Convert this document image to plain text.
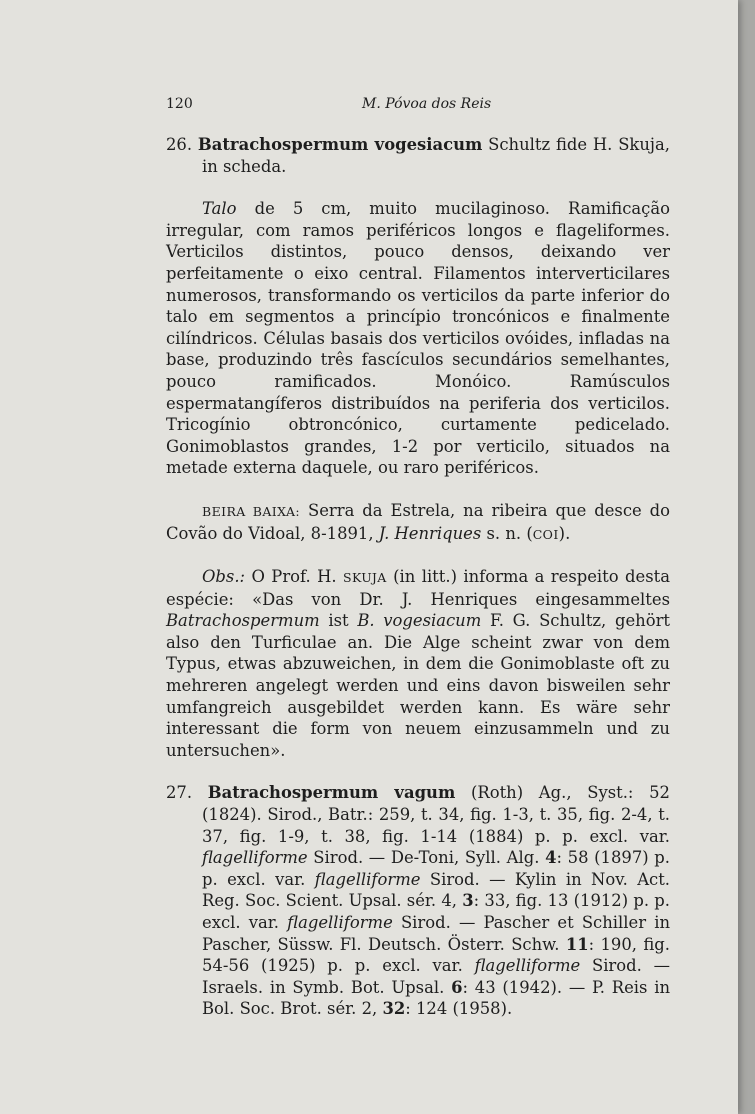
120	M. Póvoa dos Reis

26. Batrachospermum vogesiacum Schultz fide H. Skuja, in scheda.

Talo de 5 cm, muito mucilaginoso. Ramificação irregular, com ramos periféricos longos e flageliformes. Verticilos distintos, pouco densos, deixando ver perfeitamente o eixo central. Filamentos interverticilares numerosos, transformando os verticilos da parte inferior do talo em segmentos a princípio troncónicos e finalmente cilíndricos. Células basais dos verticilos ovóides, infladas na base, produzindo três fascículos secundários semelhantes, pouco ramificados. Monóico. Ramúsculos espermatangíferos distribuídos na periferia dos verticilos. Tricogínio obtroncónico, curtamente pedicelado. Gonimoblastos grandes, 1-2 por verticilo, situados na metade externa daquele, ou raro periféricos.

BEIRA BAIXA: Serra da Estrela, na ribeira que desce do Covão do Vidoal, 8-1891, J. Henriques s. n. (COI).

Obs.: O Prof. H. SKUJA (in litt.) informa a respeito desta espécie: «Das von Dr. J. Henriques eingesammeltes Batrachospermum ist B. vogesiacum F. G. Schultz, gehört also den Turficulae an. Die Alge scheint zwar von dem Typus, etwas abzuweichen, in dem die Gonimoblaste oft zu mehreren angelegt werden und eins davon bisweilen sehr umfangreich ausgebildet werden kann. Es wäre sehr interessant die form von neuem einzusammeln und zu untersuchen».

27. Batrachospermum vagum (Roth) Ag., Syst.: 52 (1824). Sirod., Batr.: 259, t. 34, fig. 1-3, t. 35, fig. 2-4, t. 37, fig. 1-9, t. 38, fig. 1-14 (1884) p. p. excl. var. flagelliforme Sirod. — De-Toni, Syll. Alg. 4: 58 (1897) p. p. excl. var. flagelliforme Sirod. — Kylin in Nov. Act. Reg. Soc. Scient. Upsal. sér. 4, 3: 33, fig. 13 (1912) p. p. excl. var. flagelliforme Sirod. — Pascher et Schiller in Pascher, Süssw. Fl. Deutsch. Österr. Schw. 11: 190, fig. 54-56 (1925) p. p. excl. var. flagelliforme Sirod. — Israels. in Symb. Bot. Upsal. 6: 43 (1942). — P. Reis in Bol. Soc. Brot. sér. 2, 32: 124 (1958).
